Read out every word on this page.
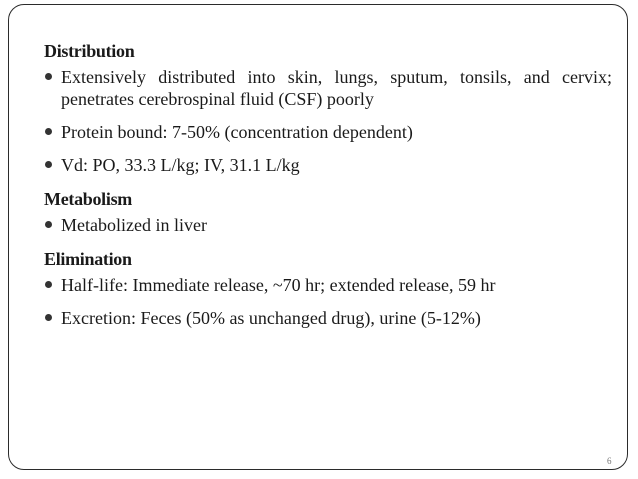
Distribution
Extensively distributed into skin, lungs, sputum, tonsils, and cervix; penetrates cerebrospinal fluid (CSF) poorly
Protein bound: 7-50% (concentration dependent)
Vd: PO, 33.3 L/kg; IV, 31.1 L/kg
Metabolism
Metabolized in liver
Elimination
Half-life: Immediate release, ~70 hr; extended release, 59 hr
Excretion: Feces (50% as unchanged drug), urine (5-12%)
6
